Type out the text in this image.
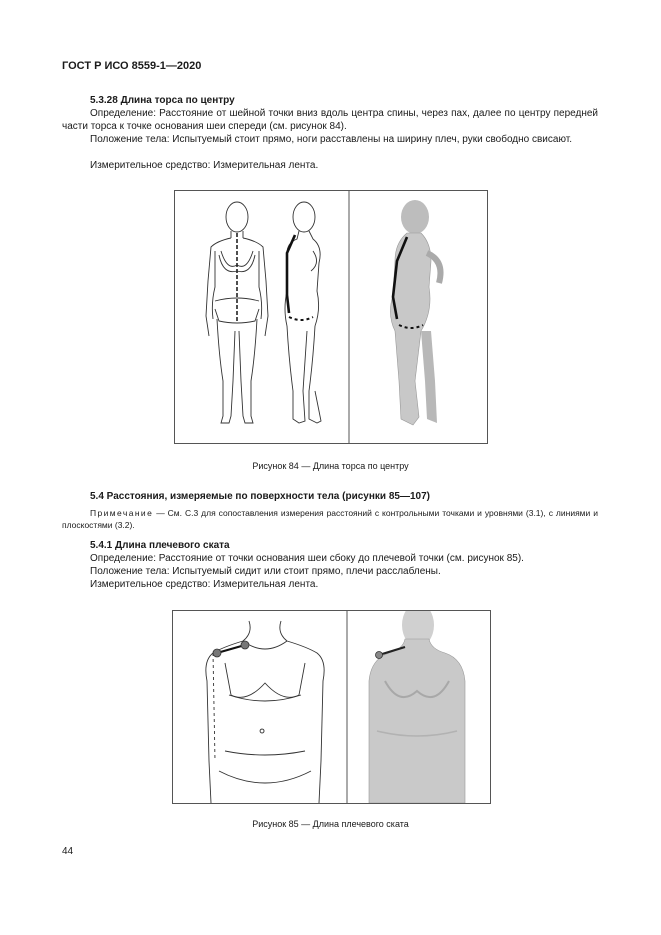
ГОСТ Р ИСО 8559-1—2020
5.3.28 Длина торса по центру

Определение: Расстояние от шейной точки вниз вдоль центра спины, через пах, далее по центру передней части торса к точке основания шеи спереди (см. рисунок 84).

Положение тела: Испытуемый стоит прямо, ноги расставлены на ширину плеч, руки свободно свисают.

Измерительное средство: Измерительная лента.

Рисунок 84 — Длина торса по центру
5.4 Расстояния, измеряемые по поверхности тела (рисунки 85—107)

Примечание — См. С.3 для сопоставления измерения расстояний с контрольными точками и уровнями (3.1), с линиями и плоскостями (3.2).

5.4.1 Длина плечевого ската

Определение: Расстояние от точки основания шеи сбоку до плечевой точки (см. рисунок 85).

Положение тела: Испытуемый сидит или стоит прямо, плечи расслаблены.

Измерительное средство: Измерительная лента.

Рисунок 85 — Длина плечевого ската
44
